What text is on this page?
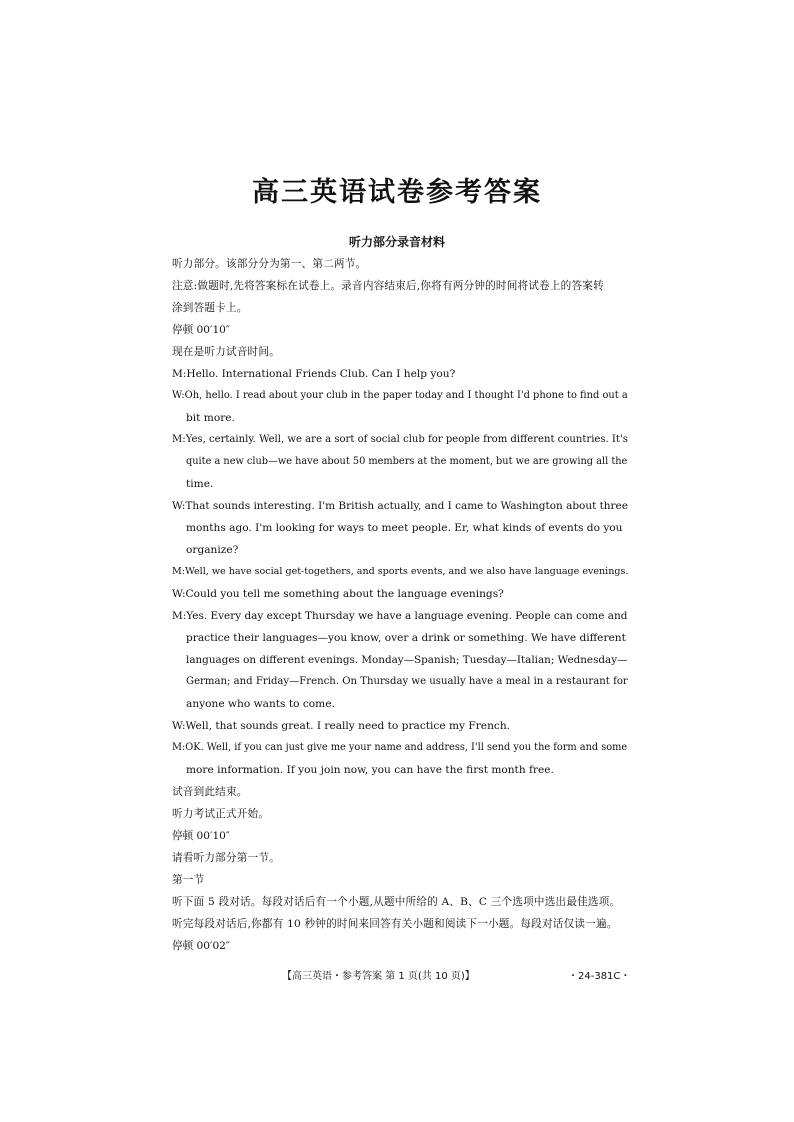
高三英语试卷参考答案
听力部分录音材料
听力部分。该部分分为第一、第二两节。
注意:做题时,先将答案标在试卷上。录音内容结束后,你将有两分钟的时间将试卷上的答案转
涂到答题卡上。
停顿 00′10″
现在是听力试音时间。
M:Hello. International Friends Club. Can I help you?
W:Oh, hello. I read about your club in the paper today and I thought I'd phone to find out a
bit more.
M:Yes, certainly. Well, we are a sort of social club for people from different countries. It's
quite a new club—we have about 50 members at the moment, but we are growing all the
time.
W:That sounds interesting. I'm British actually, and I came to Washington about three
months ago. I'm looking for ways to meet people. Er, what kinds of events do you
organize?
M:Well, we have social get-togethers, and sports events, and we also have language evenings.
W:Could you tell me something about the language evenings?
M:Yes. Every day except Thursday we have a language evening. People can come and
practice their languages—you know, over a drink or something. We have different
languages on different evenings. Monday—Spanish; Tuesday—Italian; Wednesday—
German; and Friday—French. On Thursday we usually have a meal in a restaurant for
anyone who wants to come.
W:Well, that sounds great. I really need to practice my French.
M:OK. Well, if you can just give me your name and address, I'll send you the form and some
more information. If you join now, you can have the first month free.
试音到此结束。
听力考试正式开始。
停顿 00′10″
请看听力部分第一节。
第一节
听下面 5 段对话。每段对话后有一个小题,从题中所给的 A、B、C 三个选项中选出最佳选项。
听完每段对话后,你都有 10 秒钟的时间来回答有关小题和阅读下一小题。每段对话仅读一遍。
停顿 00′02″
【高三英语・参考答案 第 1 页(共 10 页)】	・24-381C・
